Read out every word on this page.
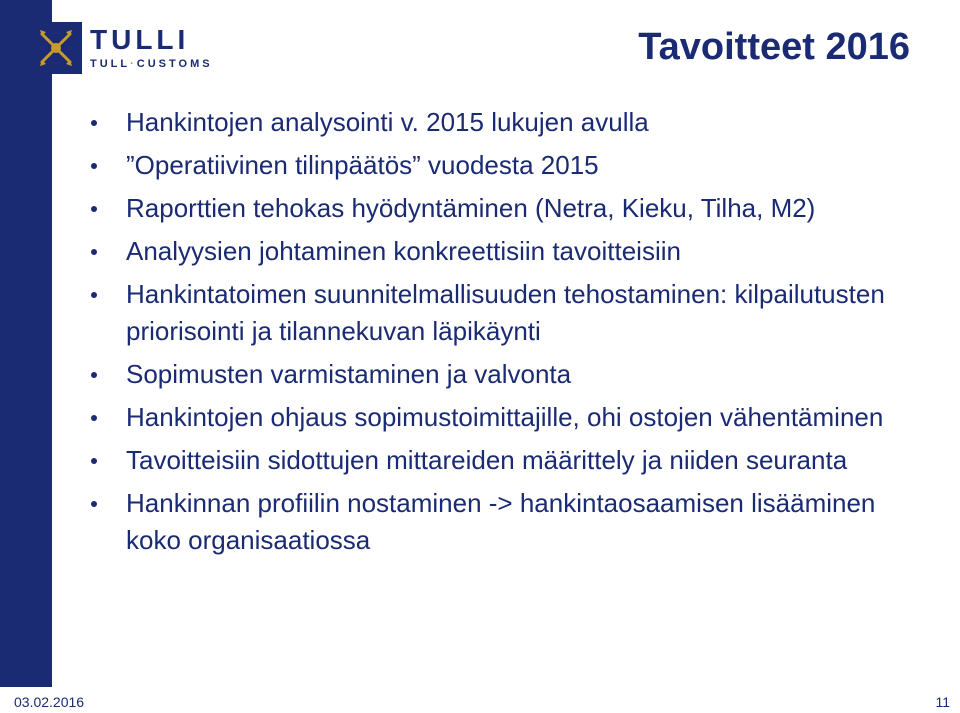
TULLI
TULL·CUSTOMS	Tavoitteet 2016
Hankintojen analysointi v. 2015 lukujen avulla
”Operatiivinen tilinpäätös” vuodesta 2015
Raporttien tehokas hyödyntäminen (Netra, Kieku, Tilha, M2)
Analyysien johtaminen konkreettisiin tavoitteisiin
Hankintatoimen suunnitelmallisuuden tehostaminen: kilpailutusten priorisointi ja tilannekuvan läpikäynti
Sopimusten varmistaminen ja valvonta
Hankintojen ohjaus sopimustoimittajille, ohi ostojen vähentäminen
Tavoitteisiin sidottujen mittareiden määrittely ja niiden seuranta
Hankinnan profiilin nostaminen -> hankintaosaamisen lisääminen koko organisaatiossa
03.02.2016	11
